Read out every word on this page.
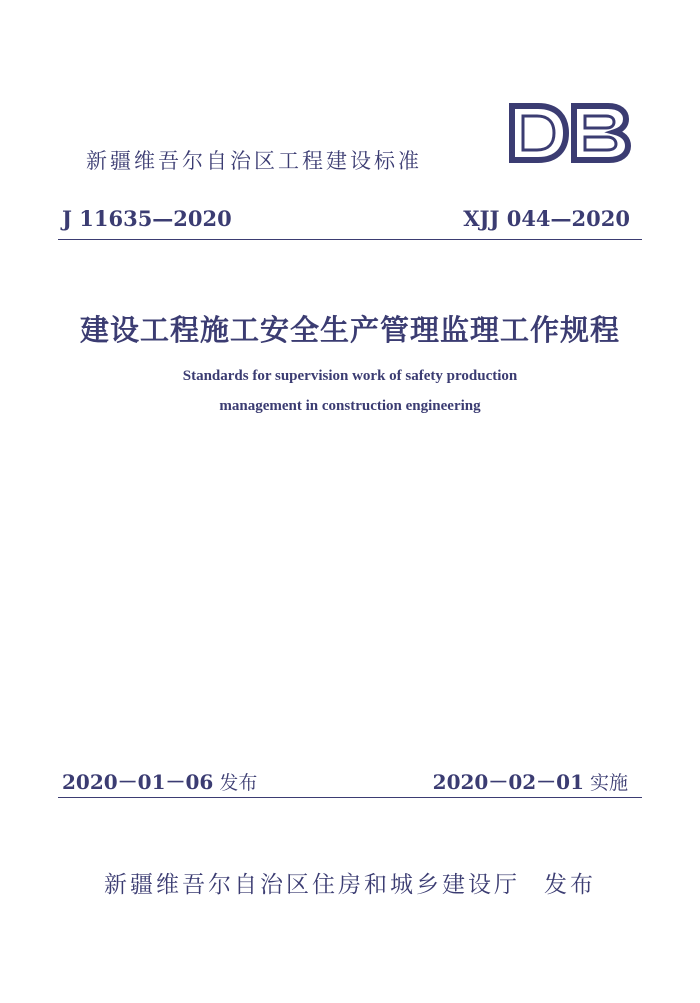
新疆维吾尔自治区工程建设标准
J 11635—2020	XJJ 044—2020
建设工程施工安全生产管理监理工作规程
Standards for supervision work of safety production
management in construction engineering
2020－01－06 发布	2020－02－01 实施
新疆维吾尔自治区住房和城乡建设厅 发布
